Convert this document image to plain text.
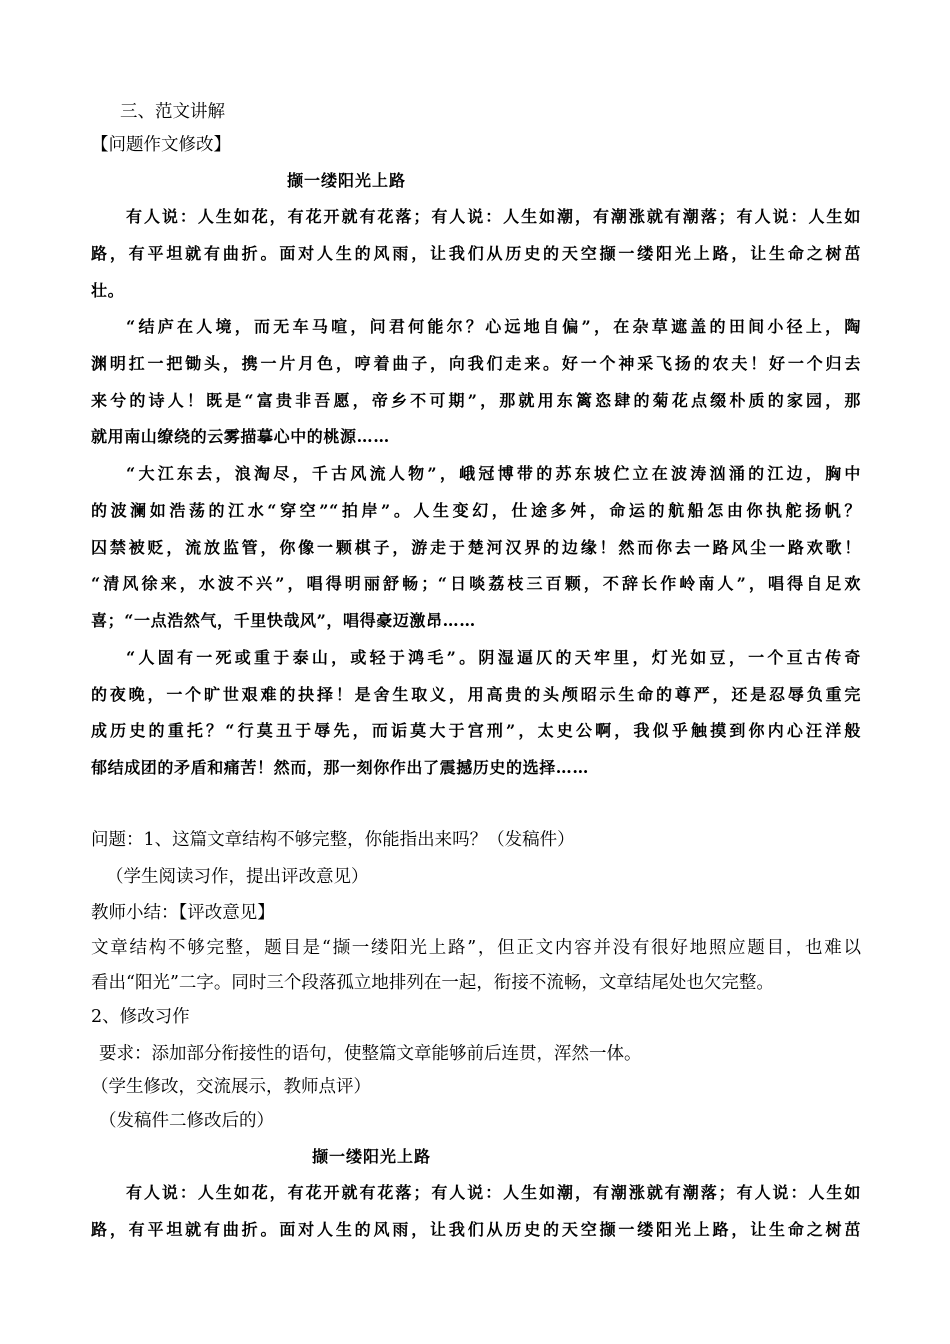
三、范文讲解
【问题作文修改】
撷一缕阳光上路
有人说：人生如花，有花开就有花落；有人说：人生如潮，有潮涨就有潮落；有人说：人生如
路，有平坦就有曲折。面对人生的风雨，让我们从历史的天空撷一缕阳光上路，让生命之树茁
壮。
“结庐在人境，而无车马喧，问君何能尔？心远地自偏”，在杂草遮盖的田间小径上，陶
渊明扛一把锄头，携一片月色，哼着曲子，向我们走来。好一个神采飞扬的农夫！好一个归去
来兮的诗人！既是“富贵非吾愿，帝乡不可期”，那就用东篱恣肆的菊花点缀朴质的家园，那
就用南山缭绕的云雾描摹心中的桃源……
“大江东去，浪淘尽，千古风流人物”，峨冠博带的苏东坡伫立在波涛汹涌的江边，胸中
的波澜如浩荡的江水“穿空”“拍岸”。人生变幻，仕途多舛，命运的航船怎由你执舵扬帆？
囚禁被贬，流放监管，你像一颗棋子，游走于楚河汉界的边缘！然而你去一路风尘一路欢歌！
“清风徐来，水波不兴”，唱得明丽舒畅；“日啖荔枝三百颗，不辞长作岭南人”，唱得自足欢
喜；“一点浩然气，千里快哉风”，唱得豪迈激昂……
“人固有一死或重于泰山，或轻于鸿毛”。阴湿逼仄的天牢里，灯光如豆，一个亘古传奇
的夜晚，一个旷世艰难的抉择！是舍生取义，用高贵的头颅昭示生命的尊严，还是忍辱负重完
成历史的重托？“行莫丑于辱先，而诟莫大于宫刑”，太史公啊，我似乎触摸到你内心汪洋般
郁结成团的矛盾和痛苦！然而，那一刻你作出了震撼历史的选择……
问题：1、这篇文章结构不够完整，你能指出来吗？（发稿件）
（学生阅读习作，提出评改意见）
教师小结：【评改意见】
文章结构不够完整，题目是“撷一缕阳光上路”，但正文内容并没有很好地照应题目，也难以
看出“阳光”二字。同时三个段落孤立地排列在一起，衔接不流畅，文章结尾处也欠完整。
2、修改习作
要求：添加部分衔接性的语句，使整篇文章能够前后连贯，浑然一体。
（学生修改，交流展示，教师点评）
（发稿件二修改后的）
撷一缕阳光上路
有人说：人生如花，有花开就有花落；有人说：人生如潮，有潮涨就有潮落；有人说：人生如
路，有平坦就有曲折。面对人生的风雨，让我们从历史的天空撷一缕阳光上路，让生命之树茁
